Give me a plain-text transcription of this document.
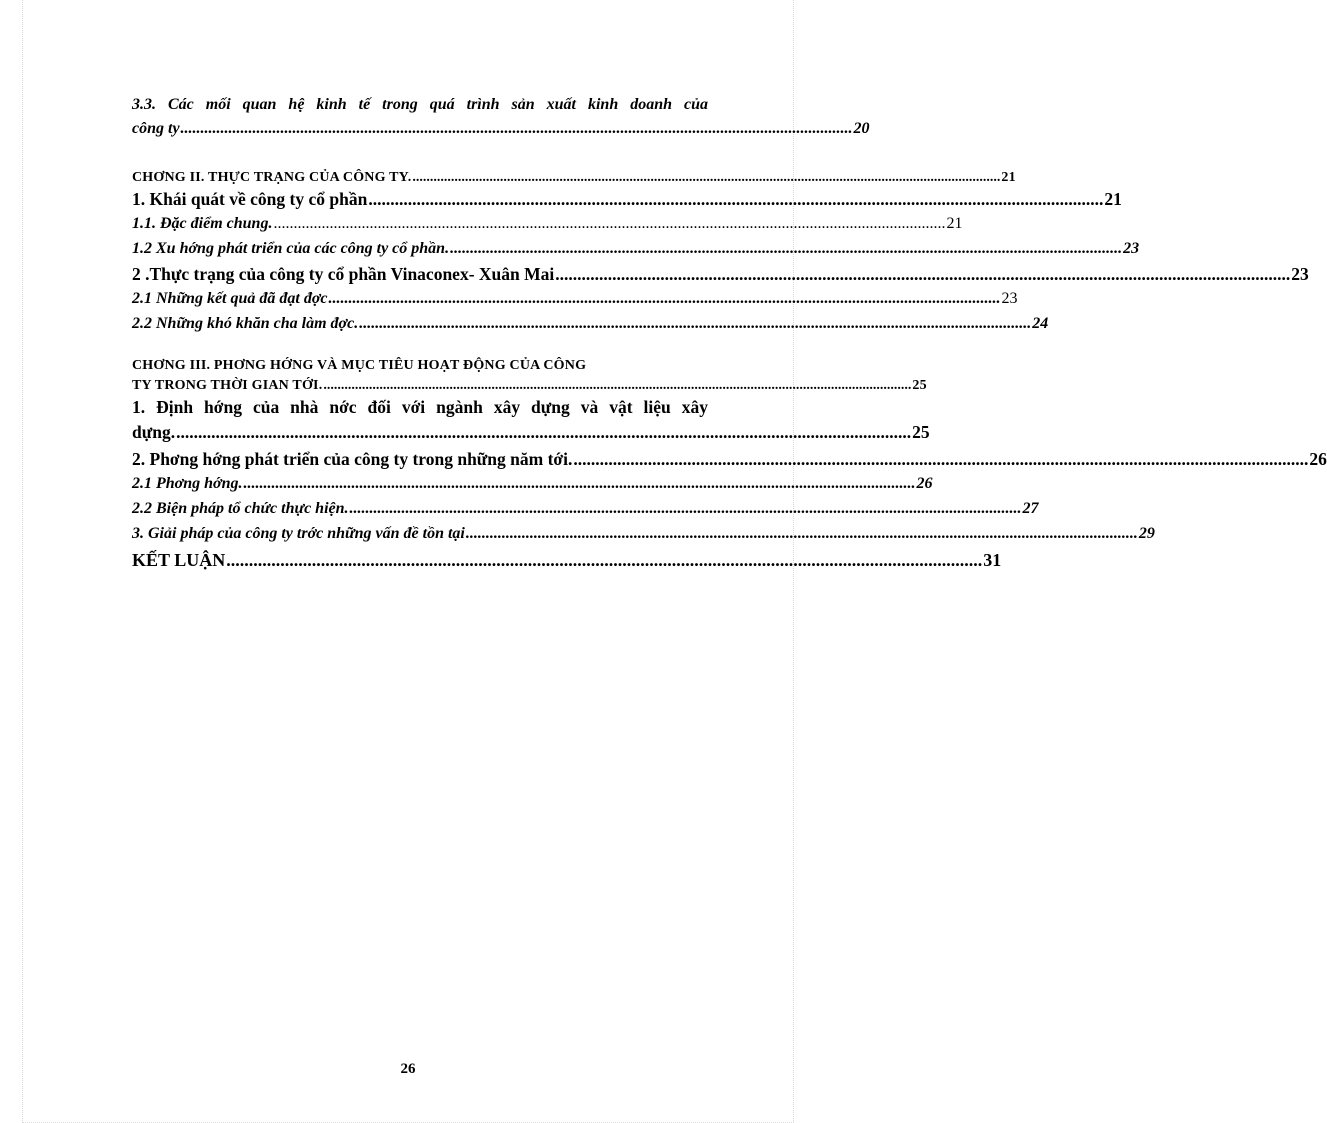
3.3. Các mối quan hệ kinh tế trong quá trình sản xuất kinh doanh của
công ty ........................................................................................................................................................................ 20
CHƠNG II. THỰC TRẠNG CỦA CÔNG TY. ........................................................................................................................................................................ 21
1. Khái quát về công ty cổ phần ........................................................................................................................................................................ 21
1.1. Đặc điểm chung. ........................................................................................................................................................................ 21
1.2 Xu hớng phát triển của các công ty cổ phần. ........................................................................................................................................................................ 23
2 .Thực trạng của công ty cổ phần Vinaconex- Xuân Mai ........................................................................................................................................................................ 23
2.1 Những kết quả đã đạt đợc ........................................................................................................................................................................ 23
2.2 Những khó khăn cha làm đợc. ........................................................................................................................................................................ 24
CHƠNG III. PHƠNG HỚNG VÀ MỤC TIÊU HOẠT ĐỘNG CỦA CÔNG
TY TRONG THỜI GIAN TỚI. ........................................................................................................................................................................ 25
1. Định hớng của nhà nớc đối với ngành xây dựng và vật liệu xây
dựng. ........................................................................................................................................................................ 25
2. Phơng hớng phát triển của công ty trong những năm tới. ........................................................................................................................................................................ 26
2.1 Phơng hớng. ........................................................................................................................................................................ 26
2.2 Biện pháp tổ chức thực hiện. ........................................................................................................................................................................ 27
3. Giải pháp của công ty trớc những vấn đề tồn tại ........................................................................................................................................................................ 29
KẾT LUẬN ........................................................................................................................................................................ 31
26
